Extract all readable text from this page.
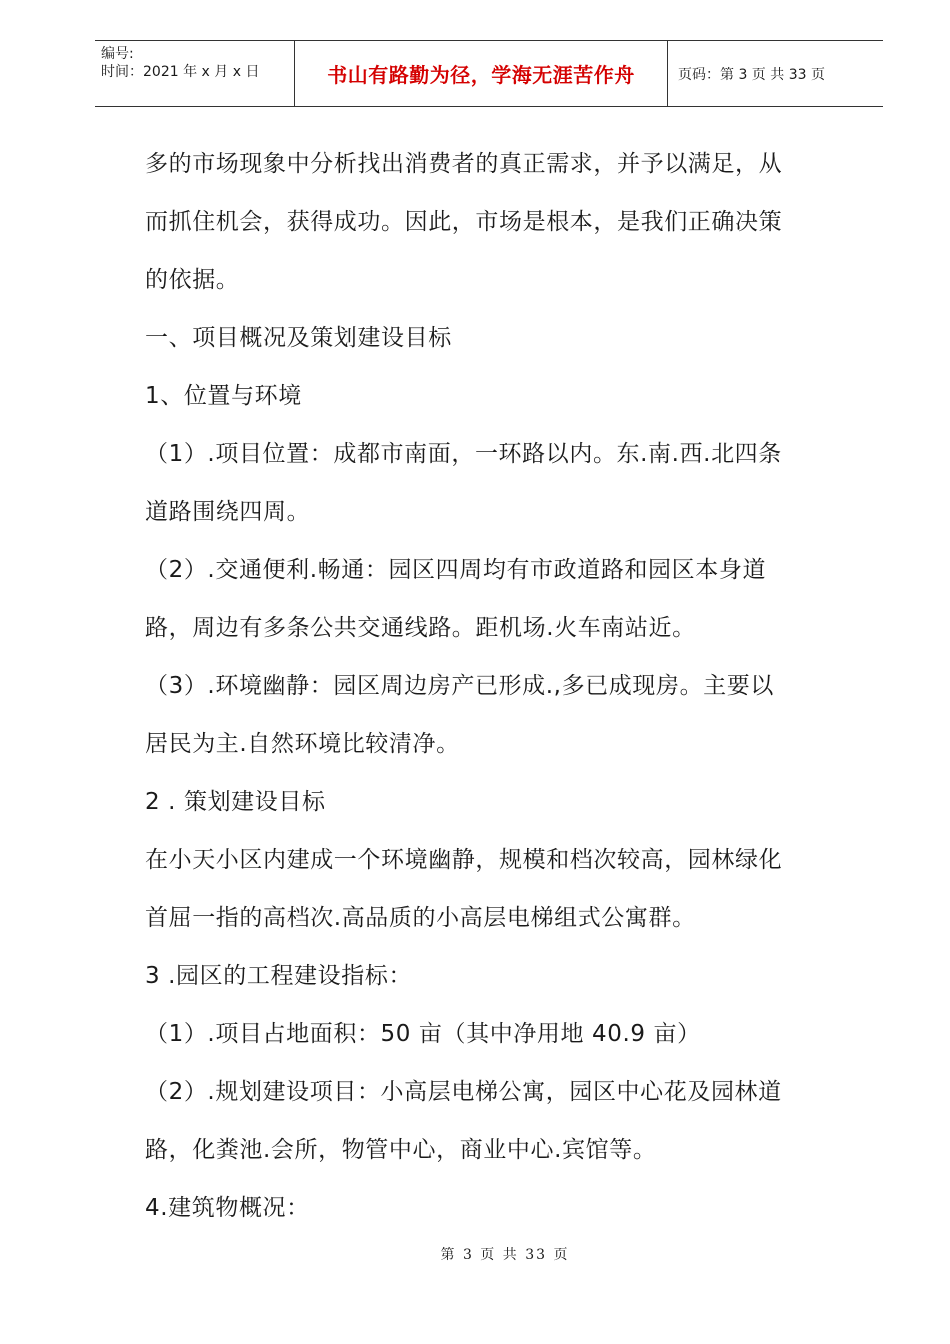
编号:
时间：2021 年 x 月 x 日	书山有路勤为径，学海无涯苦作舟	页码：第 3 页 共 33 页
多的市场现象中分析找出消费者的真正需求，并予以满足，从
而抓住机会，获得成功。因此，市场是根本，是我们正确决策
的依据。
一、项目概况及策划建设目标
1、位置与环境
（1）.项目位置：成都市南面，一环路以内。东.南.西.北四条
道路围绕四周。
（2）.交通便利.畅通：园区四周均有市政道路和园区本身道
路，周边有多条公共交通线路。距机场.火车南站近。
（3）.环境幽静：园区周边房产已形成.,多已成现房。主要以
居民为主.自然环境比较清净。
2 . 策划建设目标
在小天小区内建成一个环境幽静，规模和档次较高，园林绿化
首屈一指的高档次.高品质的小高层电梯组式公寓群。
3 .园区的工程建设指标：
（1）.项目占地面积：50 亩（其中净用地 40.9 亩）
（2）.规划建设项目：小高层电梯公寓，园区中心花及园林道
路，化粪池.会所，物管中心，商业中心.宾馆等。
4.建筑物概况：
第 3 页 共 33 页
